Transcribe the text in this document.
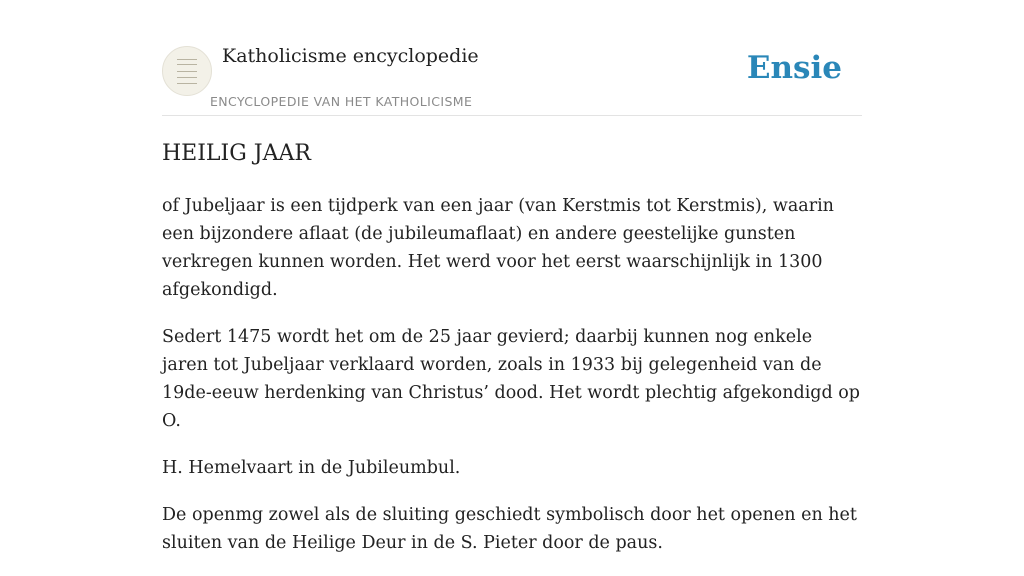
Katholicisme encyclopedie
ENCYCLOPEDIE VAN HET KATHOLICISME
Ensie
HEILIG JAAR

of Jubeljaar is een tijdperk van een jaar (van Kerstmis tot Kerstmis), waarin een bijzondere aflaat (de jubileumaflaat) en andere geestelijke gunsten verkregen kunnen worden. Het werd voor het eerst waarschijnlijk in 1300 afgekondigd.

Sedert 1475 wordt het om de 25 jaar gevierd; daarbij kunnen nog enkele jaren tot Jubeljaar verklaard worden, zoals in 1933 bij gelegenheid van de 19de-eeuw herdenking van Christus’ dood. Het wordt plechtig afgekondigd op O.

H. Hemelvaart in de Jubileumbul.

De openmg zowel als de sluiting geschiedt symbolisch door het openen en het sluiten van de Heilige Deur in de S. Pieter door de paus.
